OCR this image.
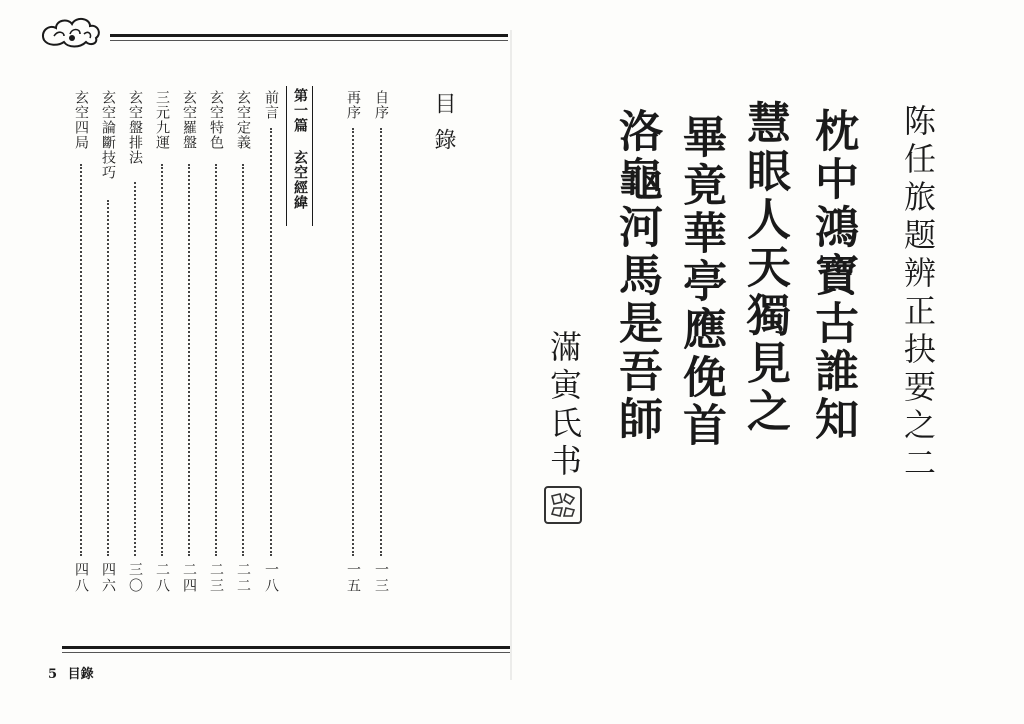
目錄
自序
一三
再序
一五
第一篇 玄空經緯
前言
一八
玄空定義
二二
玄空特色
二三
玄空羅盤
二四
三元九運
二八
玄空盤排法
三〇
玄空論斷技巧
四六
玄空四局
四八
5 目錄
陈任旅题辨正抉要之二
枕中鴻寶古誰知
慧眼人天獨見之
畢竟華亭應俛首
洛龜河馬是吾師
滿寅氏书
